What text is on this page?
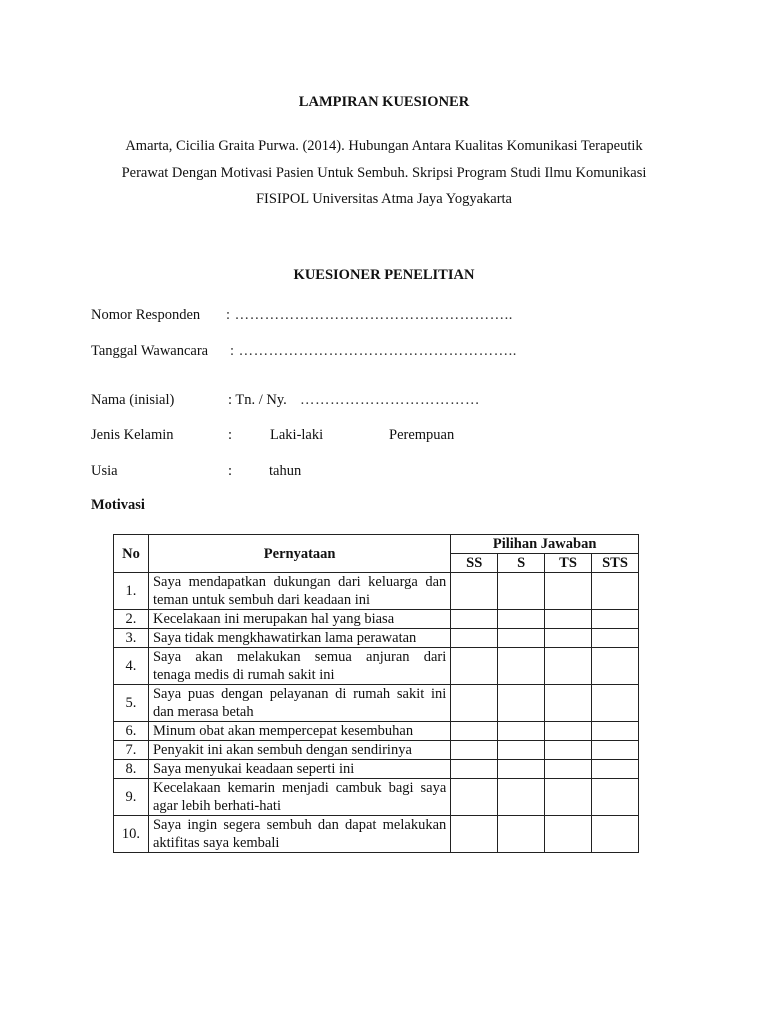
LAMPIRAN KUESIONER
Amarta, Cicilia Graita Purwa. (2014). Hubungan Antara Kualitas Komunikasi Terapeutik
Perawat Dengan Motivasi Pasien Untuk Sembuh. Skripsi Program Studi Ilmu Komunikasi
FISIPOL Universitas Atma Jaya Yogyakarta
KUESIONER PENELITIAN
Nomor Responden : ………………………………………………..
Tanggal Wawancara : ………………………………………………..
Nama (inisial)	: Tn. / Ny. ………………………………
Jenis Kelamin	:	Laki-laki	Perempuan
Usia	:	tahun
Motivasi
No	Pernyataan	Pilihan Jawaban			
		SS	S	TS	STS
1.	Saya mendapatkan dukungan dari keluarga dan
teman untuk sembuh dari keadaan ini				

2.	Kecelakaan ini merupakan hal yang biasa				

3.	Saya tidak mengkhawatirkan lama perawatan				

4.	Saya akan melakukan semua anjuran dari
tenaga medis di rumah sakit ini				

5.	Saya puas dengan pelayanan di rumah sakit ini
dan merasa betah				

6.	Minum obat akan mempercepat kesembuhan				

7.	Penyakit ini akan sembuh dengan sendirinya				

8.	Saya menyukai keadaan seperti ini				

9.	Kecelakaan kemarin menjadi cambuk bagi saya
agar lebih berhati-hati				

10.	Saya ingin segera sembuh dan dapat melakukan
aktifitas saya kembali				
